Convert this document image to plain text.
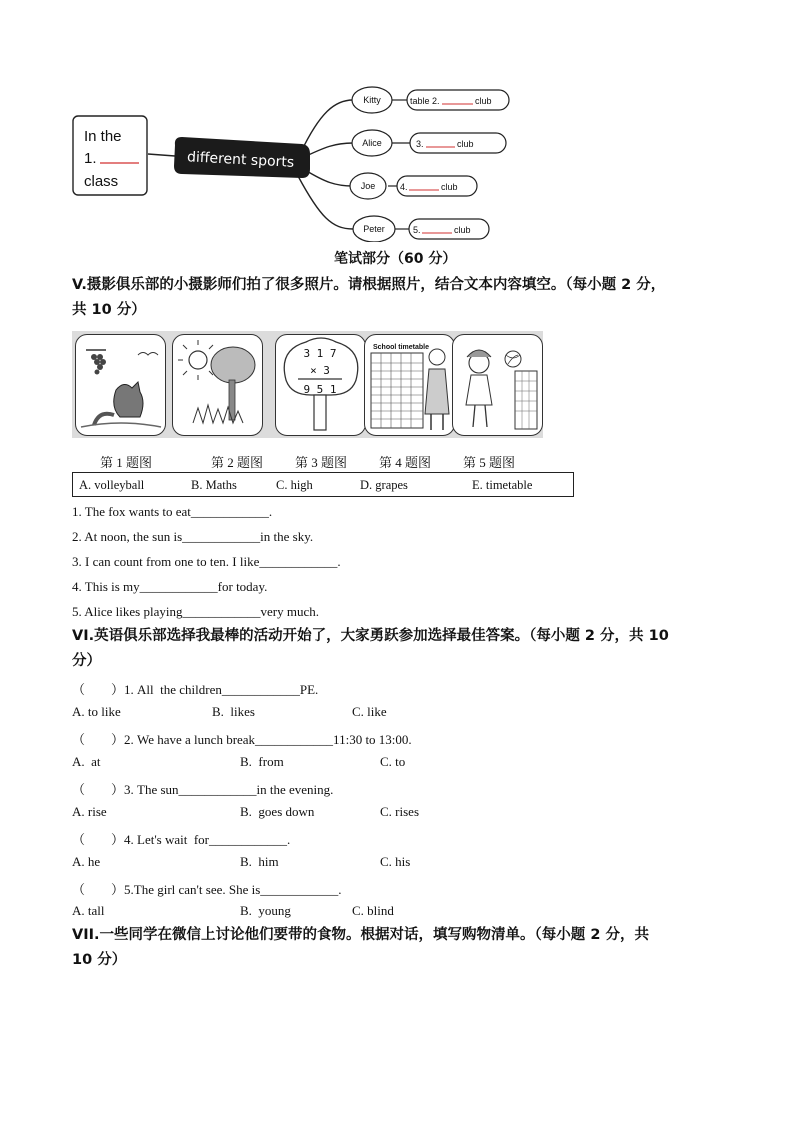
In the
1.
class
different sports
Kitty
Alice
Joe
Peter
table 2.	club
3.	club
4.	club
5.	club
笔试部分（60 分）
V.摄影俱乐部的小摄影师们拍了很多照片。请根据照片，结合文本内容填空。（每小题 2 分，
共 10 分）
3 1 7
× 3
9 5 1
School timetable
第 1 题图	第 2 题图 第 3 题图 第 4 题图 第 5 题图
A. volleyball	B. Maths	C. high	D. grapes	E. timetable
1. The fox wants to eat____________.
2. At noon, the sun is____________in the sky.
3. I can count from one to ten. I like____________.
4. This is my____________for today.
5. Alice likes playing____________very much.
VI.英语俱乐部选择我最棒的活动开始了，大家勇跃参加选择最佳答案。（每小题 2 分，共 10
分）
（        ）1. All  the children____________PE.
A. to like	B.  likes	C. like
（        ）2. We have a lunch break____________11:30 to 13:00.
A.  at	B.  from	C. to
（        ）3. The sun____________in the evening.
A. rise	B.  goes down	C. rises
（        ）4. Let's wait  for____________.
A. he	B.  him	C. his
（        ）5.The girl can't see. She is____________.
A. tall	B.  young	C. blind
VII.一些同学在微信上讨论他们要带的食物。根据对话，填写购物清单。（每小题 2 分，共
10 分）
